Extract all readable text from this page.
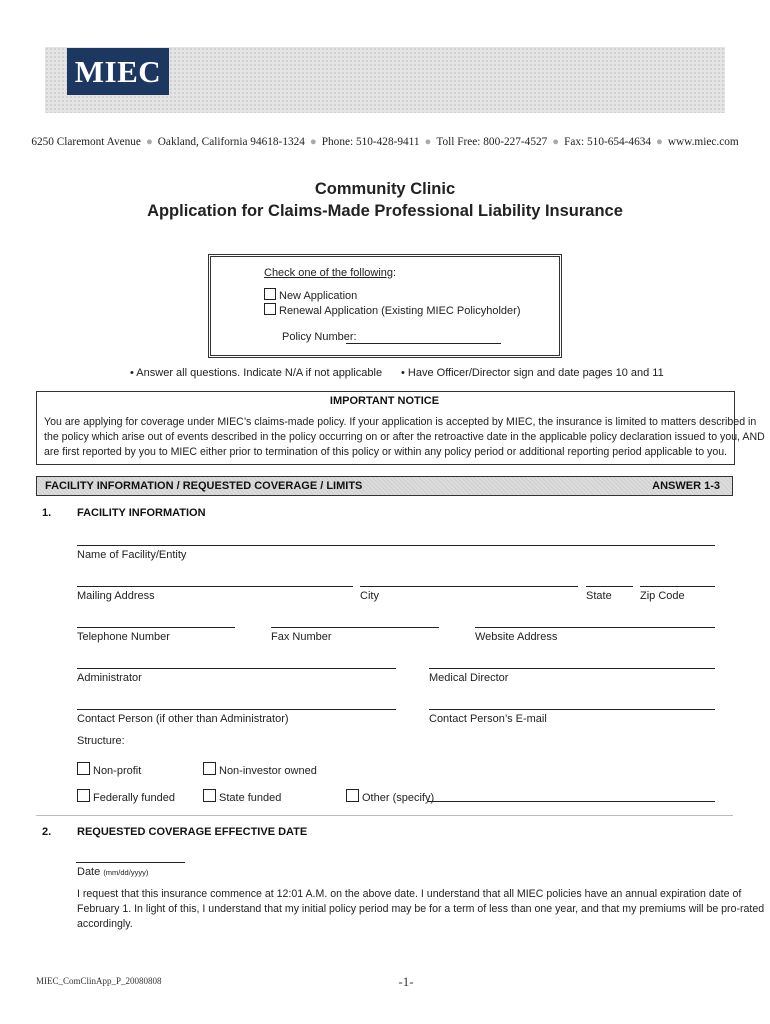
MIEC
6250 Claremont Avenue ● Oakland, California 94618-1324 ● Phone: 510-428-9411 ● Toll Free: 800-227-4527 ● Fax: 510-654-4634 ● www.miec.com
Community Clinic
Application for Claims-Made Professional Liability Insurance
Check one of the following:
New Application
Renewal Application (Existing MIEC Policyholder)
Policy Number:
• Answer all questions. Indicate N/A if not applicable • Have Officer/Director sign and date pages 10 and 11
IMPORTANT NOTICE
You are applying for coverage under MIEC’s claims-made policy. If your application is accepted by MIEC, the insurance is limited to matters described in
the policy which arise out of events described in the policy occurring on or after the retroactive date in the applicable policy declaration issued to you, AND
are first reported by you to MIEC either prior to termination of this policy or within any policy period or additional reporting period applicable to you.
FACILITY INFORMATION / REQUESTED COVERAGE / LIMITS	ANSWER 1-3
1. FACILITY INFORMATION
Name of Facility/Entity
Mailing Address	City	State	Zip Code
Telephone Number	Fax Number	Website Address
Administrator	Medical Director
Contact Person (if other than Administrator)	Contact Person’s E-mail
Structure:
Non-profit	Non-investor owned
Federally funded	State funded	Other (specify)
2. REQUESTED COVERAGE EFFECTIVE DATE
Date (mm/dd/yyyy)
I request that this insurance commence at 12:01 A.M. on the above date. I understand that all MIEC policies have an annual expiration date of
February 1. In light of this, I understand that my initial policy period may be for a term of less than one year, and that my premiums will be pro-rated
accordingly.
MIEC_ComClinApp_P_20080808	-1-
